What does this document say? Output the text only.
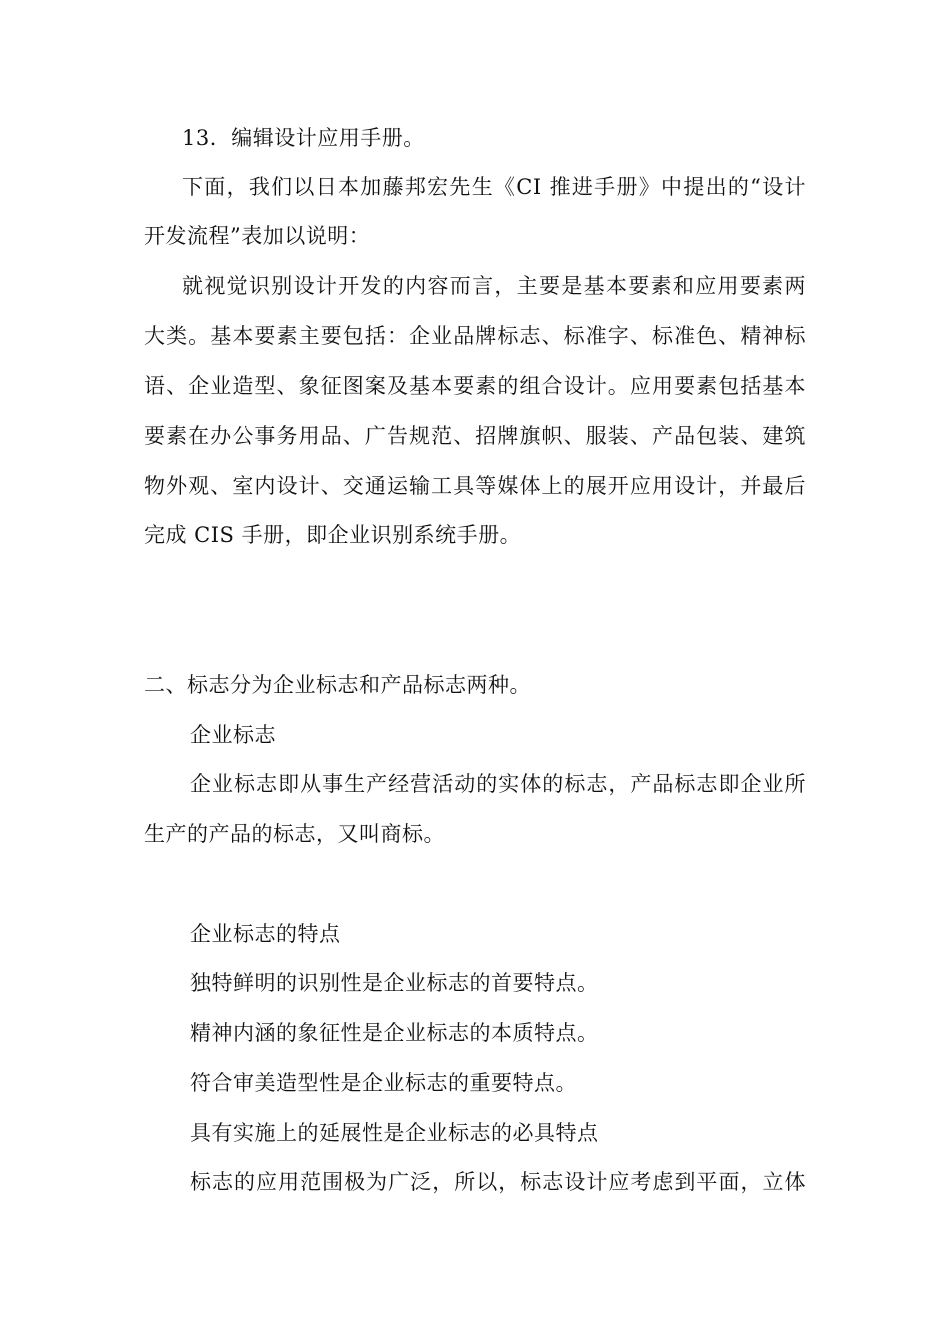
13．编辑设计应用手册。
下面，我们以日本加藤邦宏先生《CI 推进手册》中提出的“设计
开发流程”表加以说明：
就视觉识别设计开发的内容而言，主要是基本要素和应用要素两
大类。基本要素主要包括：企业品牌标志、标准字、标准色、精神标
语、企业造型、象征图案及基本要素的组合设计。应用要素包括基本
要素在办公事务用品、广告规范、招牌旗帜、服装、产品包装、建筑
物外观、室内设计、交通运输工具等媒体上的展开应用设计，并最后
完成 CIS 手册，即企业识别系统手册。
二、标志分为企业标志和产品标志两种。
企业标志
企业标志即从事生产经营活动的实体的标志，产品标志即企业所
生产的产品的标志，又叫商标。
企业标志的特点
独特鲜明的识别性是企业标志的首要特点。
精神内涵的象征性是企业标志的本质特点。
符合审美造型性是企业标志的重要特点。
具有实施上的延展性是企业标志的必具特点
标志的应用范围极为广泛，所以，标志设计应考虑到平面，立体
